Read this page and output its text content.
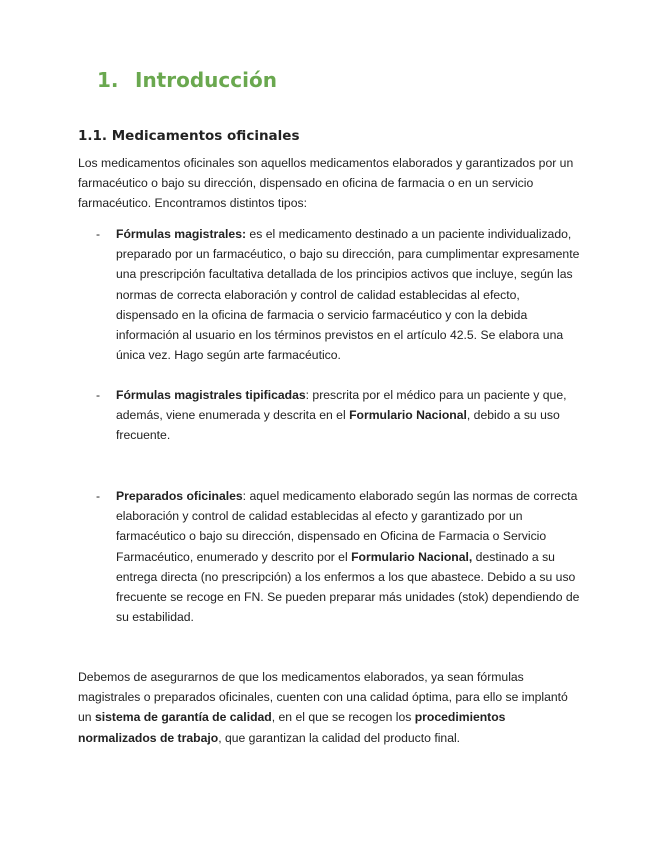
1. Introducción
1.1. Medicamentos oficinales
Los medicamentos oficinales son aquellos medicamentos elaborados y garantizados por un farmacéutico o bajo su dirección, dispensado en oficina de farmacia o en un servicio farmacéutico. Encontramos distintos tipos:
- Fórmulas magistrales: es el medicamento destinado a un paciente individualizado, preparado por un farmacéutico, o bajo su dirección, para cumplimentar expresamente una prescripción facultativa detallada de los principios activos que incluye, según las normas de correcta elaboración y control de calidad establecidas al efecto, dispensado en la oficina de farmacia o servicio farmacéutico y con la debida información al usuario en los términos previstos en el artículo 42.5. Se elabora una única vez. Hago según arte farmacéutico.
- Fórmulas magistrales tipificadas: prescrita por el médico para un paciente y que, además, viene enumerada y descrita en el Formulario Nacional, debido a su uso frecuente.
- Preparados oficinales: aquel medicamento elaborado según las normas de correcta elaboración y control de calidad establecidas al efecto y garantizado por un farmacéutico o bajo su dirección, dispensado en Oficina de Farmacia o Servicio Farmacéutico, enumerado y descrito por el Formulario Nacional, destinado a su entrega directa (no prescripción) a los enfermos a los que abastece. Debido a su uso frecuente se recoge en FN. Se pueden preparar más unidades (stok) dependiendo de su estabilidad.
Debemos de asegurarnos de que los medicamentos elaborados, ya sean fórmulas magistrales o preparados oficinales, cuenten con una calidad óptima, para ello se implantó un sistema de garantía de calidad, en el que se recogen los procedimientos normalizados de trabajo, que garantizan la calidad del producto final.
